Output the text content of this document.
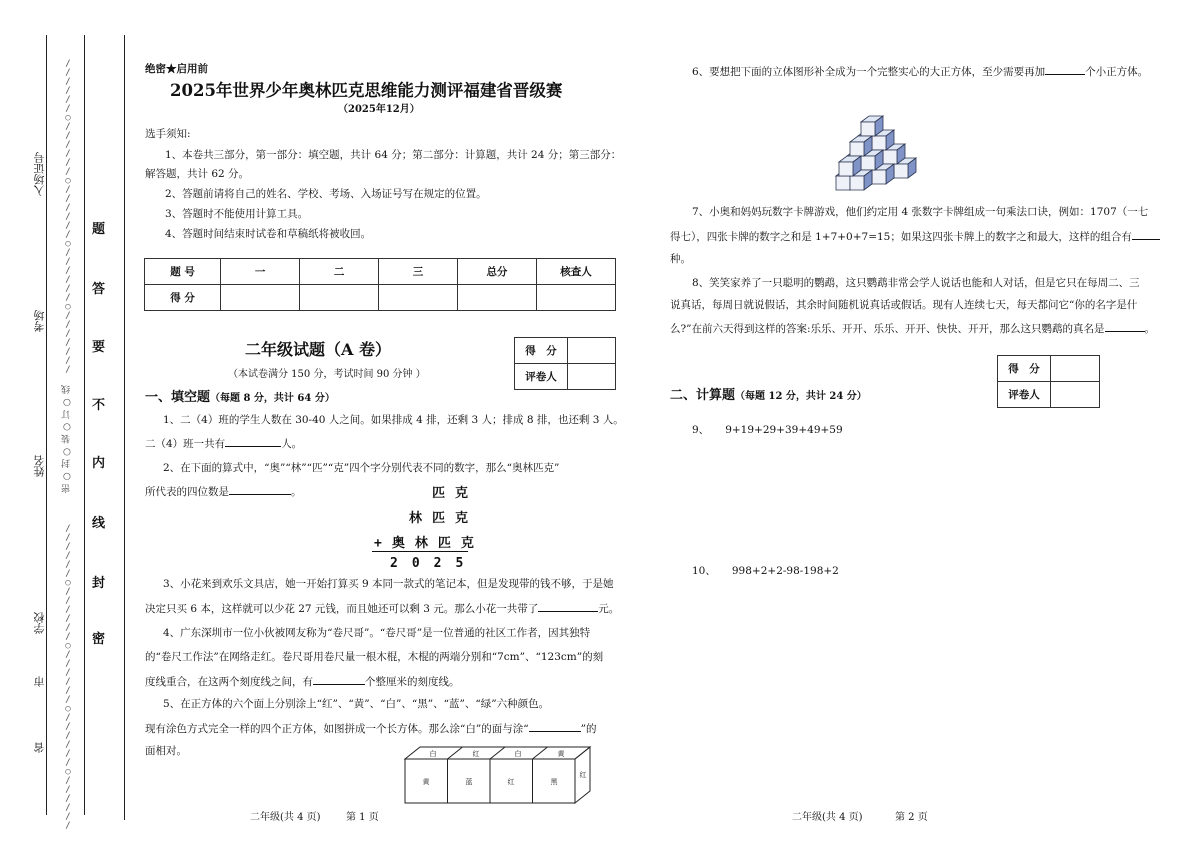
入场证号
考场
姓名
学校
市
省
/
/
/
/
/
/
○
/
/
/
/
/
/
○
/
/
/
/
/
/
○
/
/
/
/
/
/
○
/
/
/
/
/
/
/
密 ○ 封 ○ 装 ○ 订 ○ 线
/
/
/
/
/
/
○
/
/
/
/
/
/
○
/
/
/
/
/
/
○
/
/
/
/
/
/
○
/
/
/
/
/
/
题
答
要
不
内
线
封
密
绝密★启用前
2025年世界少年奥林匹克思维能力测评福建省晋级赛
（2025年12月）
选手须知:
1、本卷共三部分，第一部分：填空题，共计 64 分；第二部分：计算题，共计 24 分；第三部分：
解答题，共计 62 分。
2、答题前请将自己的姓名、学校、考场、入场证号写在规定的位置。
3、答题时不能使用计算工具。
4、答题时间结束时试卷和草稿纸将被收回。
题 号	一	二	三	总分	核查人
得 分					
二年级试题（A 卷）
（本试卷满分 150 分，考试时间 90 分钟 ）
得　分	
评卷人	
一、填空题（每题 8 分，共计 64 分）
1、二（4）班的学生人数在 30-40 人之间。如果排成 4 排，还剩 3 人；排成 8 排，也还剩 3 人。
二（4）班一共有	人。
2、在下面的算式中，“奥”“林”“匹”“克”四个字分别代表不同的数字，那么“奥林匹克”
所代表的四位数是	。	匹克
林匹克
+奥林匹克
2025
3、小花来到欢乐文具店，她一开始打算买 9 本同一款式的笔记本，但是发现带的钱不够，于是她
决定只买 6 本，这样就可以少花 27 元钱，而且她还可以剩 3 元。那么小花一共带了	元。
4、广东深圳市一位小伙被网友称为“卷尺哥”。“卷尺哥”是一位普通的社区工作者，因其独特
的“卷尺工作法”在网络走红。卷尺哥用卷尺量一根木棍，木棍的两端分别和“7cm”、“123cm”的刻
度线重合，在这两个刻度线之间，有	个整厘米的刻度线。
5、在正方体的六个面上分别涂上“红”、“黄”、“白”、“黑”、“蓝”、“绿”六种颜色。
现有涂色方式完全一样的四个正方体，如图拼成一个长方体。那么涂“白”的面与涂“	”的
面相对。	白	红	白	黄
黄	蓝	红	黑
红
二年级(共 4 页)	第 1 页
6、要想把下面的立体图形补全成为一个完整实心的大正方体，至少需要再加	个小正方体。
7、小奥和妈妈玩数字卡牌游戏，他们约定用 4 张数字卡牌组成一句乘法口诀，例如：1707（一七
得七），四张卡牌的数字之和是 1+7+0+7=15；如果这四张卡牌上的数字之和最大，这样的组合有
种。
8、笑笑家养了一只聪明的鹦鹉，这只鹦鹉非常会学人说话也能和人对话，但是它只在每周二、三
说真话，每周日就说假话，其余时间随机说真话或假话。现有人连续七天，每天都问它“你的名字是什
么?”在前六天得到这样的答案:乐乐、开开、乐乐、开开、快快、开开，那么这只鹦鹉的真名是	。
得　分	
评卷人	
二、计算题（每题 12 分，共计 24 分）
9、 9+19+29+39+49+59
10、 998+2+2-98-198+2
二年级(共 4 页)	第 2 页
